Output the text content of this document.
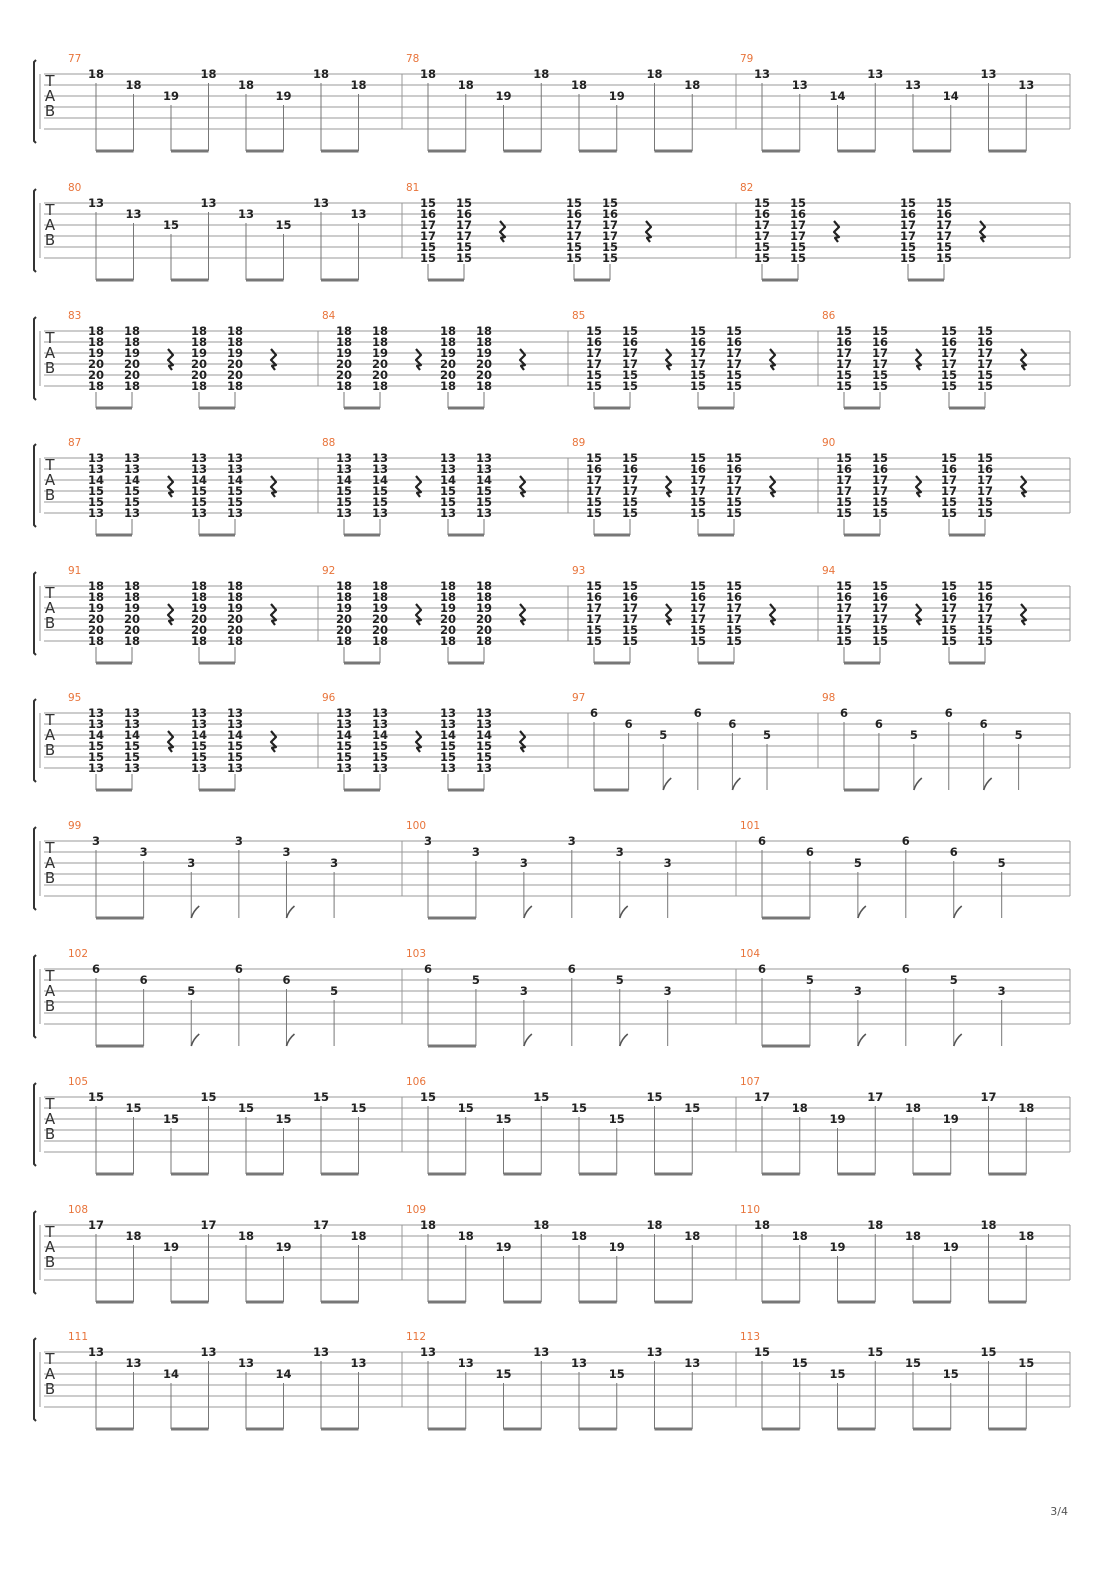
T
A
B
77
18
18
19
18
18
19
18
18
78
18
18
19
18
18
19
18
18
79
13
13
14
13
13
14
13
13
T
A
B
80
13
13
15
13
13
15
13
13
81
15
16
17
17
15
15
15
16
17
17
15
15
15
16
17
17
15
15
15
16
17
17
15
15
82
15
16
17
17
15
15
15
16
17
17
15
15
15
16
17
17
15
15
15
16
17
17
15
15
T
A
B
83
18
18
19
20
20
18
18
18
19
20
20
18
18
18
19
20
20
18
18
18
19
20
20
18
84
18
18
19
20
20
18
18
18
19
20
20
18
18
18
19
20
20
18
18
18
19
20
20
18
85
15
16
17
17
15
15
15
16
17
17
15
15
15
16
17
17
15
15
15
16
17
17
15
15
86
15
16
17
17
15
15
15
16
17
17
15
15
15
16
17
17
15
15
15
16
17
17
15
15
T
A
B
87
13
13
14
15
15
13
13
13
14
15
15
13
13
13
14
15
15
13
13
13
14
15
15
13
88
13
13
14
15
15
13
13
13
14
15
15
13
13
13
14
15
15
13
13
13
14
15
15
13
89
15
16
17
17
15
15
15
16
17
17
15
15
15
16
17
17
15
15
15
16
17
17
15
15
90
15
16
17
17
15
15
15
16
17
17
15
15
15
16
17
17
15
15
15
16
17
17
15
15
T
A
B
91
18
18
19
20
20
18
18
18
19
20
20
18
18
18
19
20
20
18
18
18
19
20
20
18
92
18
18
19
20
20
18
18
18
19
20
20
18
18
18
19
20
20
18
18
18
19
20
20
18
93
15
16
17
17
15
15
15
16
17
17
15
15
15
16
17
17
15
15
15
16
17
17
15
15
94
15
16
17
17
15
15
15
16
17
17
15
15
15
16
17
17
15
15
15
16
17
17
15
15
T
A
B
95
13
13
14
15
15
13
13
13
14
15
15
13
13
13
14
15
15
13
13
13
14
15
15
13
96
13
13
14
15
15
13
13
13
14
15
15
13
13
13
14
15
15
13
13
13
14
15
15
13
97
6
6
5
6
6
5
98
6
6
5
6
6
5
T
A
B
99
3
3
3
3
3
3
100
3
3
3
3
3
3
101
6
6
5
6
6
5
T
A
B
102
6
6
5
6
6
5
103
6
5
3
6
5
3
104
6
5
3
6
5
3
T
A
B
105
15
15
15
15
15
15
15
15
106
15
15
15
15
15
15
15
15
107
17
18
19
17
18
19
17
18
T
A
B
108
17
18
19
17
18
19
17
18
109
18
18
19
18
18
19
18
18
110
18
18
19
18
18
19
18
18
T
A
B
111
13
13
14
13
13
14
13
13
112
13
13
15
13
13
15
13
13
113
15
15
15
15
15
15
15
15
3/4
